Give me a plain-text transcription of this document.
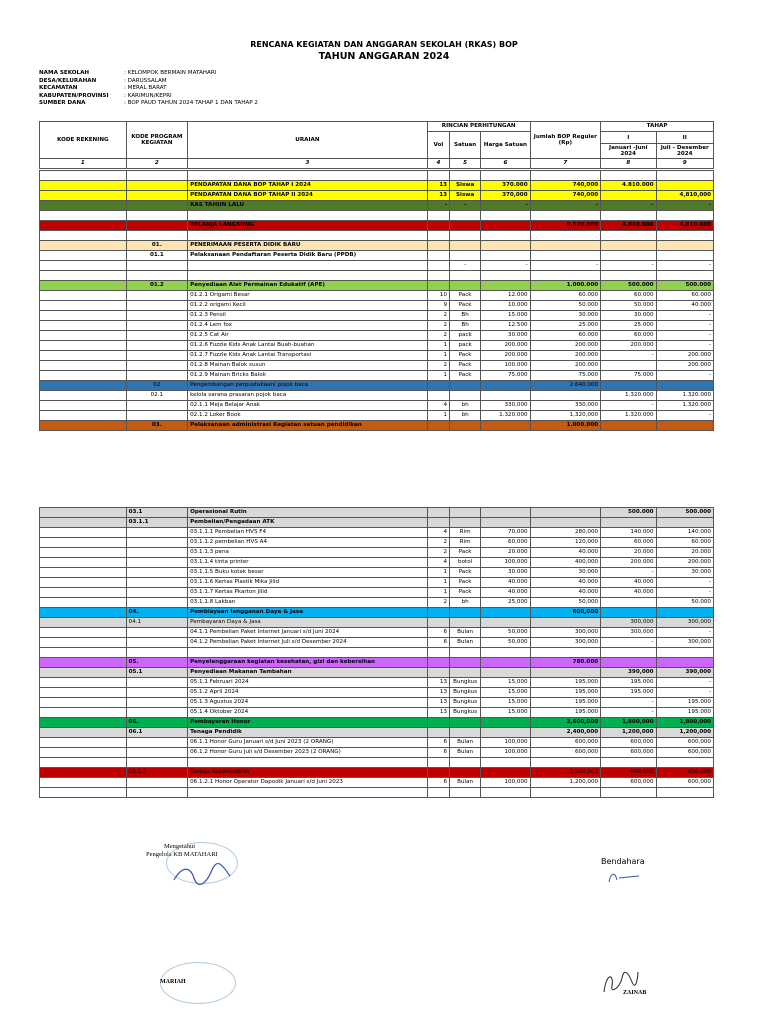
RENCANA KEGIATAN DAN ANGGARAN SEKOLAH (RKAS) BOP
TAHUN ANGGARAN 2024
NAMA SEKOLAH	: KELOMPOK BERMAIN MATAHARI
DESA/KELURAHAN	: DARUSSALAM
KECAMATAN	: MERAL BARAT
KABUPATEN/PROVINSI	: KARIMUN/KEPRI
SUMBER DANA	: BOP PAUD TAHUN 2024 TAHAP 1 DAN TAHAP 2
KODE REKENING	KODE PROGRAM KEGIATAN	URAIAN	RINCIAN PERHITUNGAN			Jumlah BOP Reguler (Rp)	TAHAP	
			Vol	Satuan	Harga Satuan		I	II
							Januari -Juni 2024	Juli - Desember 2024
1	2	3	4	5	6	7	8	9

		PENDAPATAN DANA BOP TAHAP I 2024	13	Siswa	370.000	740,000	4.810.000	
		PENDAPATAN DANA BOP TAHAP II 2024	13	Siswa	370,000	740,000		4,810,000
		KAS TAHUN LALU	-	-	-	-	-	-

		BELANJA LANGSUNG				9.620.000	4.810.000	4.810.000

	01.	PENERIMAAN PESERTA DIDIK BARU						
	01.1	Pelaksanaan Pendaftaran Peserta Didik Baru (PPDB)						
				-	-	-	-	-

	01.2	Penyediaan Alat Permainan Edukatif (APE)				1.000.000	500.000	500.000
		01.2.1 Origami Besar	10	Pack	12.000	60.000	60.000	60.000
		01.2.2 origami Kecil	9	Pack	10.000	50.000	50.000	40.000
		01.2.3 Pensil	2	Bh	15.000	30.000	30.000	-
		01.2.4 Lem fox	2	Bh	12.500	25.000	25.000	-
		01.2.5 Cat Air	2	pack	30.000	60.000	60.000	-
		01.2.6 Fuzzle Kids Anak Lantai Buah-buahan	1	pack	200.000	200.000	200.000	-
		01.2.7 Fuzzle Kids Anak Lantai Transportasi	1	Pack	200.000	200.000	-	200.000
		01.2.8 Mainan Balok susun	2	Pack	100.000	200.000		200.000
		01.2.9 Mainan Bricks Balok	1	Pack	75.000	75.000	75.000	-
	02	Pengembangan perpustakaan/ pojok baca				2.640.000		
	02.1	kelola sarana prasaran pojok baca					1.320.000	1.320.000
		02.1.1 Meja Belajar Anak	4	bh	330,000	330,000	-	1.320.000
		02.1.2 Loker Book	1	bh	1.320.000	1,320,000	1.320.000	-
	03.	Pelaksanaan administrasi Kegiatan satuan pendidikan				1.000.000		
	03.1	Operasional Rutin					500.000	500.000
	03.1.1	Pembelian/Pengadaan ATK						
		03.1.1.1 Pembelian HVS F4	4	Rim	70,000	280,000	140.000	140.000
		03.1.1.2 pembelian HVS A4	2	Rim	60,000	120,000	60.000	60.000
		03.1.1.3 pena	2	Pack	20.000	40.000	20.000	20.000
		03.1.1.4 tinta printer	4	botol	100,000	400,000	200.000	200.000
		03.1.1.5 Buku kotak besar	1	Pack	30.000	30.000	-	30.000
		03.1.1.6 Kertas Plastik Mika Jilid	1	Pack	40.000	40.000	40.000	-
		03.1.1.7 Kertas Pkarton Jilid	1	Pack	40.000	40.000	40.000	-
		03.1.1.8 Lakban	2	bh	25,000	50,000		50.000
	04.	Pembiayaan langganan Daya & Jasa				600,000		
	04.1	Pembayaran Daya & Jasa					300,000	300,000
		04.1.1 Pembelian Paket Internet Januari s/d Juni 2024	6	Bulan	50,000	300,000	300,000	-
		04.1.2 Pembelian Paket Internet Juli s/d Desember 2024	6	Bulan	50,000	300,000	-	300,000

	05.	Penyelenggaraan kegiatan kesehatan, gizi dan kebersihan				780.000		
	05.1	Penyediaan Makanan Tambahan					390,000	390,000
		05.1.1 Februari 2024	13	Bungkus	15,000	195,000	195.000	-
		05.1.2 April 2024	13	Bungkus	15,000	195,000	195.000	-
		05.1.3 Agustus 2024	13	Bungkus	15,000	195.000	-	195.000
		05.1.4 Oktober 2024	13	Bungkus	15,000	195.000	-	195.000
	06.	Pembayaran Honor				3,600,000	1,800,000	1,800,000
	06.1	Tenaga Pendidik				2,400,000	1,200,000	1,200,000
		06.1.1 Honor Guru Januari s/d Juni 2023 (2 ORANG)	6	Bulan	100,000	600,000	600,000	600,000
		06.1.2 Honor Guru Juli s/d Desember 2023 (2 ORANG)	6	Bulan	100,000	600,000	600,000	600,000

	06.1.2	Tenaga Kependidikan				1,200,000	600,000	600,000
		06.1.2.1 Honor Operator Dapodik Januari s/d Juni 2023	6	Bulan	100,000	1,200,000	600,000	600,000

Mengetahui
Pengelola KB MATAHARI
MARIAH
Bendahara
ZAINAB
